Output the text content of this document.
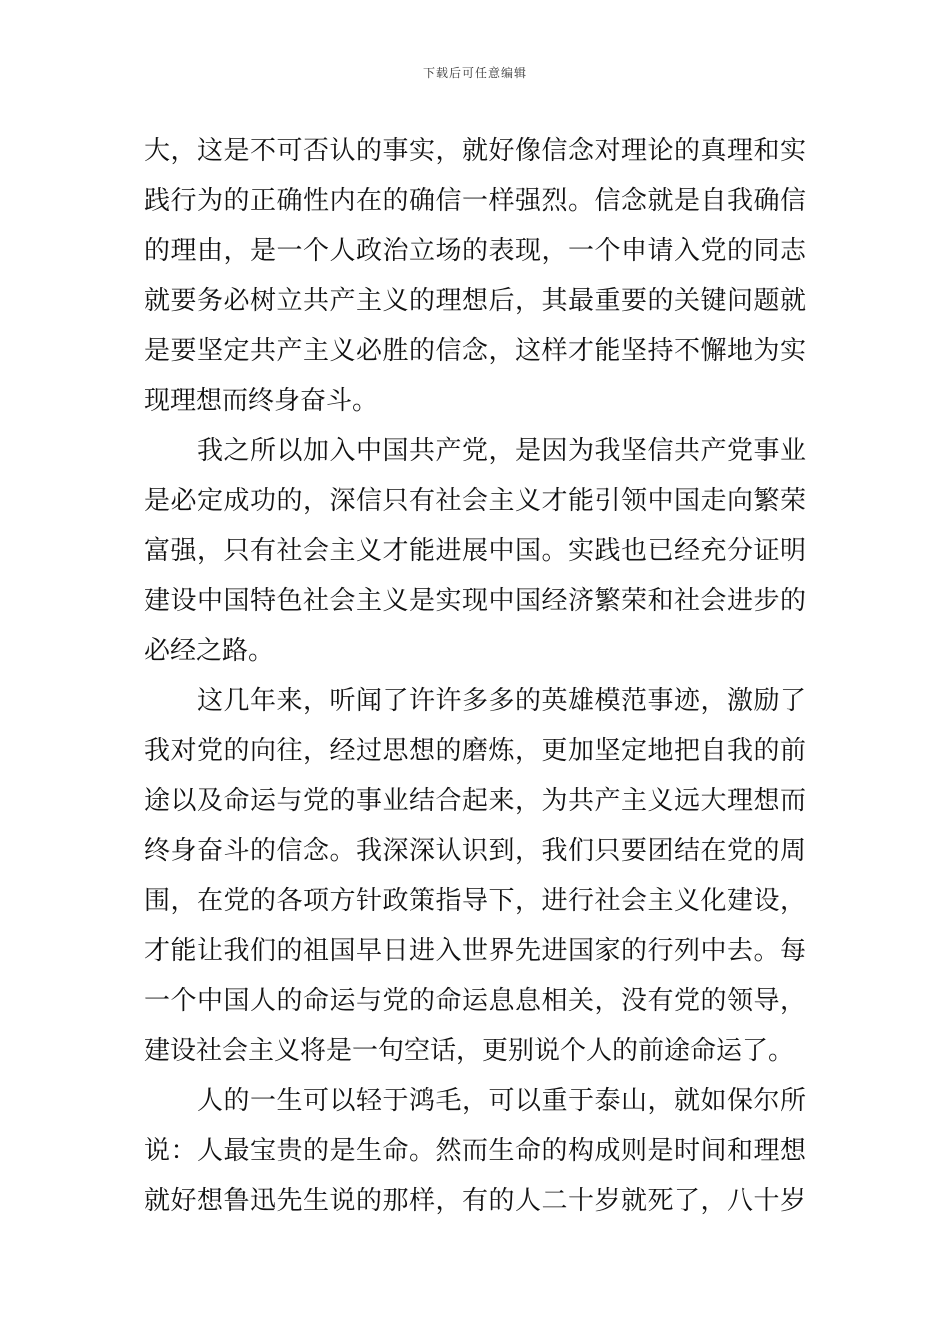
下载后可任意编辑
大，这是不可否认的事实，就好像信念对理论的真理和实
践行为的正确性内在的确信一样强烈。信念就是自我确信
的理由，是一个人政治立场的表现，一个申请入党的同志
就要务必树立共产主义的理想后，其最重要的关键问题就
是要坚定共产主义必胜的信念，这样才能坚持不懈地为实
现理想而终身奋斗。
我之所以加入中国共产党，是因为我坚信共产党事业
是必定成功的，深信只有社会主义才能引领中国走向繁荣
富强，只有社会主义才能进展中国。实践也已经充分证明
建设中国特色社会主义是实现中国经济繁荣和社会进步的
必经之路。
这几年来，听闻了许许多多的英雄模范事迹，激励了
我对党的向往，经过思想的磨炼，更加坚定地把自我的前
途以及命运与党的事业结合起来，为共产主义远大理想而
终身奋斗的信念。我深深认识到，我们只要团结在党的周
围，在党的各项方针政策指导下，进行社会主义化建设，
才能让我们的祖国早日进入世界先进国家的行列中去。每
一个中国人的命运与党的命运息息相关，没有党的领导，
建设社会主义将是一句空话，更别说个人的前途命运了。
人的一生可以轻于鸿毛，可以重于泰山，就如保尔所
说：人最宝贵的是生命。然而生命的构成则是时间和理想
就好想鲁迅先生说的那样，有的人二十岁就死了，八十岁
